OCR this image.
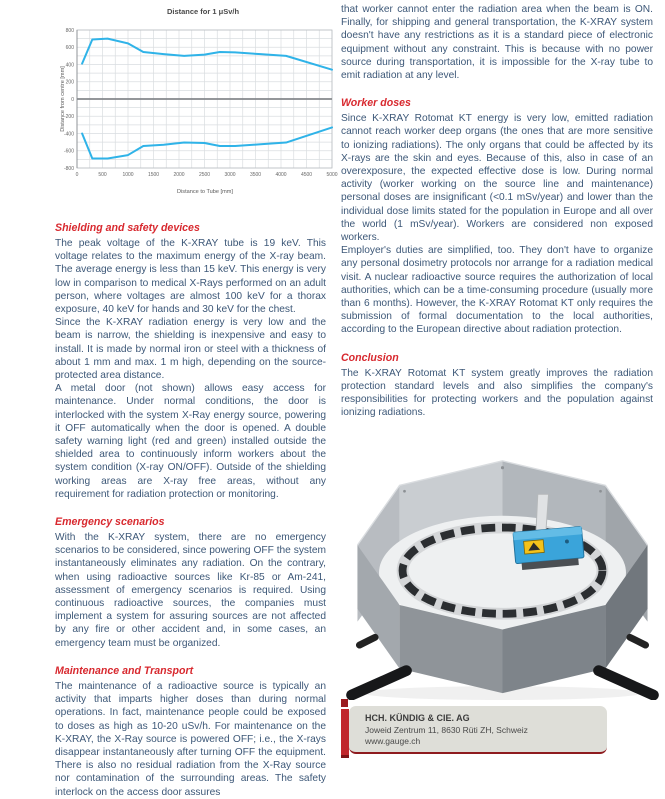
Distance for 1 μSv/h
0	500	1000	1500	2000	2500	3000	3500	4000	4500	5000
-800
-600
-400
-200
0
200
400
600
800
Distance to Tube [mm]
Distance from centre [mm]
Shielding and safety devices

The peak voltage of the K-XRAY tube is 19 keV. This voltage relates to the maximum energy of the X-ray beam. The average energy is less than 15 keV. This energy is very low in comparison to medical X-Rays performed on an adult person, where voltages are almost 100 keV for a thorax exposure, 40 keV for hands and 30 keV for the chest.

Since the K-XRAY radiation energy is very low and the beam is narrow, the shielding is inexpensive and easy to install. It is made by normal iron or steel with a thickness of about 1 mm and max. 1 m high, depending on the source-protected area distance.

A metal door (not shown) allows easy access for maintenance. Under normal conditions, the door is interlocked with the system X-Ray energy source, powering it OFF automatically when the door is opened. A double safety warning light (red and green) installed outside the shielded area to continuously inform workers about the system condition (X-ray ON/OFF). Outside of the shielding working areas are X-ray free areas, without any requirement for radiation protection or monitoring.

Emergency scenarios

With the K-XRAY system, there are no emergency scenarios to be considered, since powering OFF the system instantaneously eliminates any radiation. On the contrary, when using radioactive sources like Kr-85 or Am-241, assessment of emergency scenarios is required. Using continuous radioactive sources, the companies must implement a system for assuring sources are not affected by any fire or other accident and, in some cases, an emergency team must be organized.

Maintenance and Transport

The maintenance of a radioactive source is typically an activity that imparts higher doses than during normal operations. In fact, maintenance people could be exposed to doses as high as 10-20 uSv/h. For maintenance on the K-XRAY, the X-Ray source is powered OFF; i.e., the X-rays disappear instantaneously after turning OFF the equipment. There is also no residual radiation from the X-Ray source nor contamination of the surrounding areas. The safety interlock on the access door assures

that worker cannot enter the radiation area when the beam is ON. Finally, for shipping and general transportation, the K-XRAY system doesn't have any restrictions as it is a standard piece of electronic equipment without any constraint. This is because with no power source during transportation, it is impossible for the X-ray tube to emit radiation at any level.

Worker doses

Since K-XRAY Rotomat KT energy is very low, emitted radiation cannot reach worker deep organs (the ones that are more sensitive to ionizing radiations). The only organs that could be affected by its X-rays are the skin and eyes. Because of this, also in case of an overexposure, the expected effective dose is low. During normal activity (worker working on the source line and maintenance) personal doses are insignificant (<0.1 mSv/year) and lower than the individual dose limits stated for the population in Europe and all over the world (1 mSv/year). Workers are considered non exposed workers.

Employer's duties are simplified, too. They don't have to organize any personal dosimetry protocols nor arrange for a radiation medical visit. A nuclear radioactive source requires the authorization of local authorities, which can be a time-consuming procedure (usually more than 6 months). However, the K-XRAY Rotomat KT only requires the submission of formal documentation to the local authorities, according to the European directive about radiation protection.

Conclusion

The K-XRAY Rotomat KT system greatly improves the radiation protection standard levels and also simplifies the company's responsibilities for protecting workers and the population against ionizing radiations.

HCH. KÜNDIG & CIE. AG
Joweid Zentrum 11, 8630 Rüti ZH, Schweiz
www.gauge.ch
